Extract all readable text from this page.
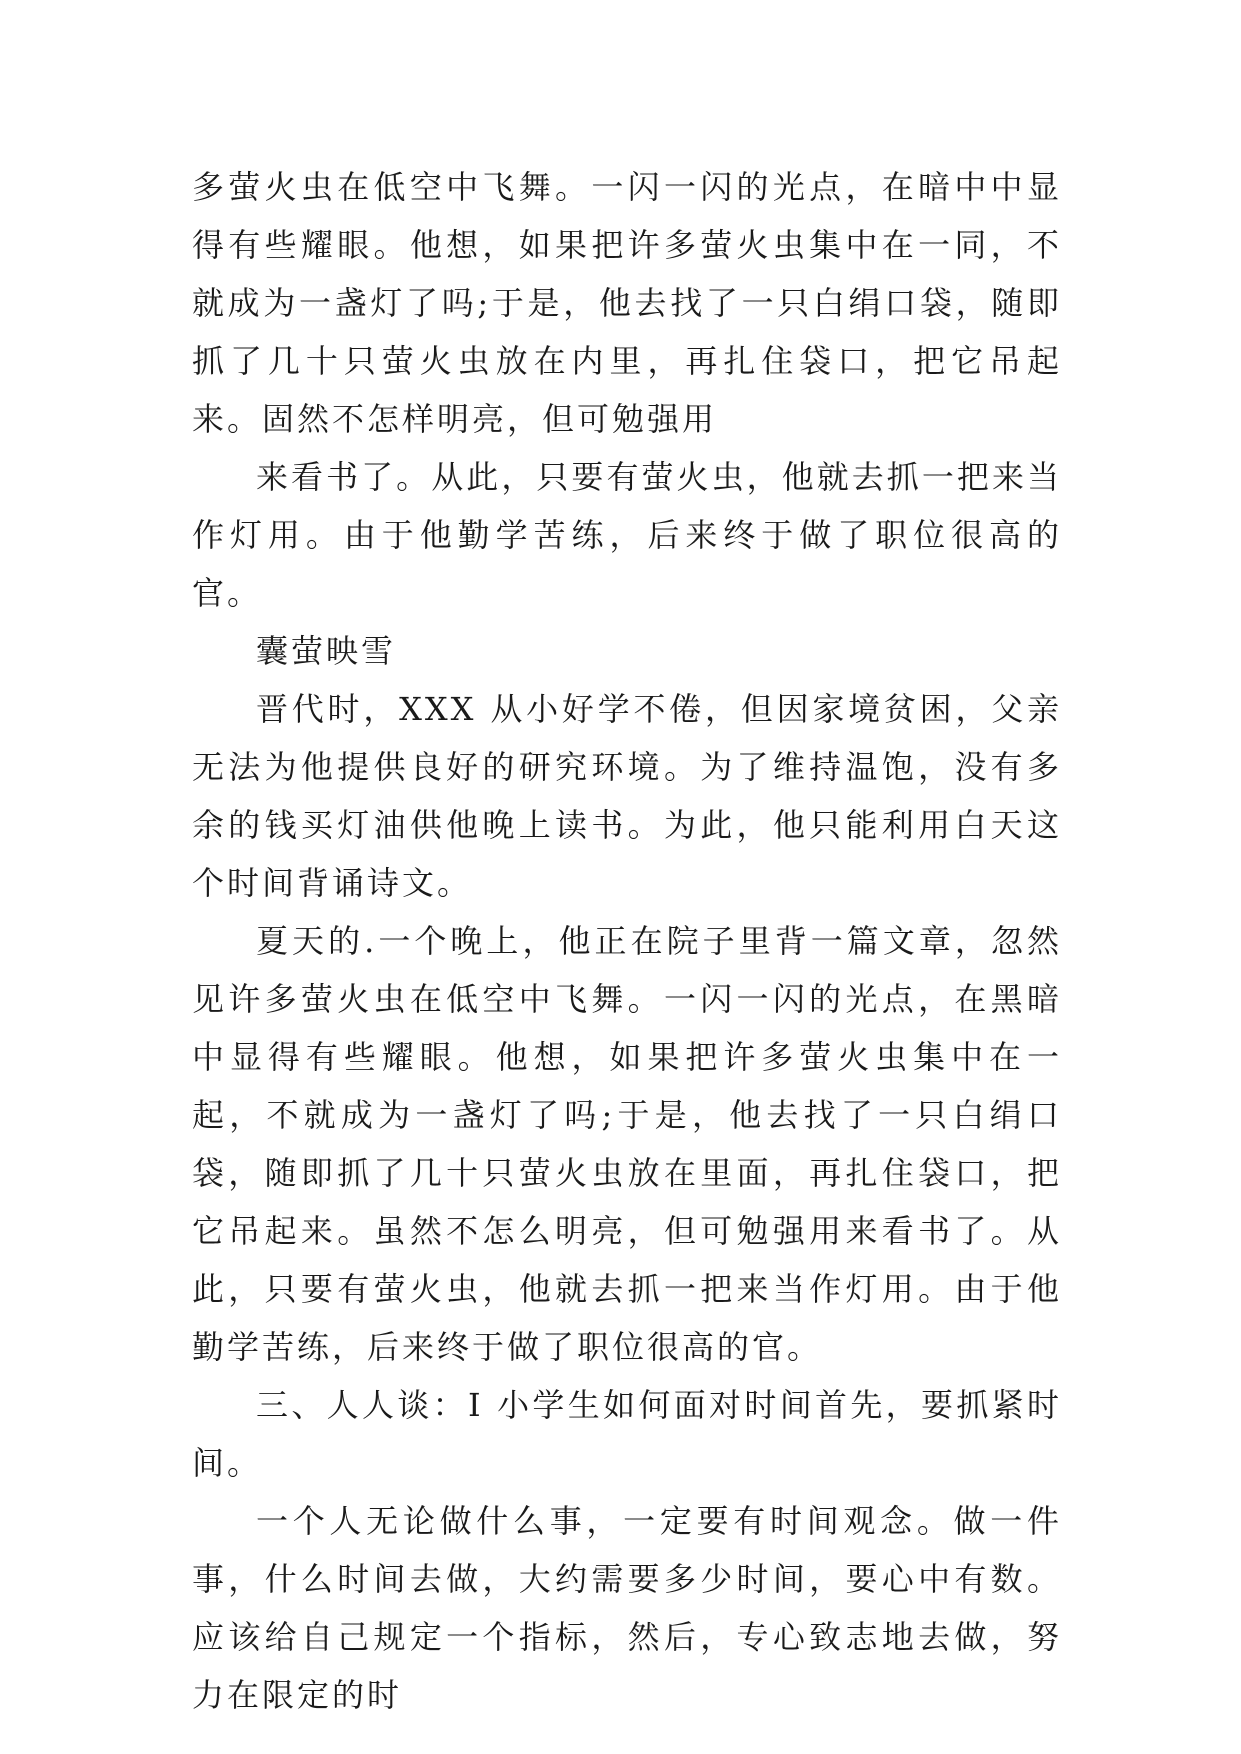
多萤火虫在低空中飞舞。一闪一闪的光点，在暗中中显得有些耀眼。他想，如果把许多萤火虫集中在一同，不就成为一盏灯了吗;于是，他去找了一只白绢口袋，随即抓了几十只萤火虫放在内里，再扎住袋口，把它吊起来。固然不怎样明亮，但可勉强用

来看书了。从此，只要有萤火虫，他就去抓一把来当作灯用。由于他勤学苦练，后来终于做了职位很高的官。

囊萤映雪

晋代时，XXX 从小好学不倦，但因家境贫困，父亲无法为他提供良好的研究环境。为了维持温饱，没有多余的钱买灯油供他晚上读书。为此，他只能利用白天这个时间背诵诗文。

夏天的.一个晚上，他正在院子里背一篇文章，忽然见许多萤火虫在低空中飞舞。一闪一闪的光点，在黑暗中显得有些耀眼。他想，如果把许多萤火虫集中在一起，不就成为一盏灯了吗;于是，他去找了一只白绢口袋，随即抓了几十只萤火虫放在里面，再扎住袋口，把它吊起来。虽然不怎么明亮，但可勉强用来看书了。从此，只要有萤火虫，他就去抓一把来当作灯用。由于他勤学苦练，后来终于做了职位很高的官。

三、人人谈：I 小学生如何面对时间首先，要抓紧时间。

一个人无论做什么事，一定要有时间观念。做一件事，什么时间去做，大约需要多少时间，要心中有数。应该给自己规定一个指标，然后，专心致志地去做，努力在限定的时
